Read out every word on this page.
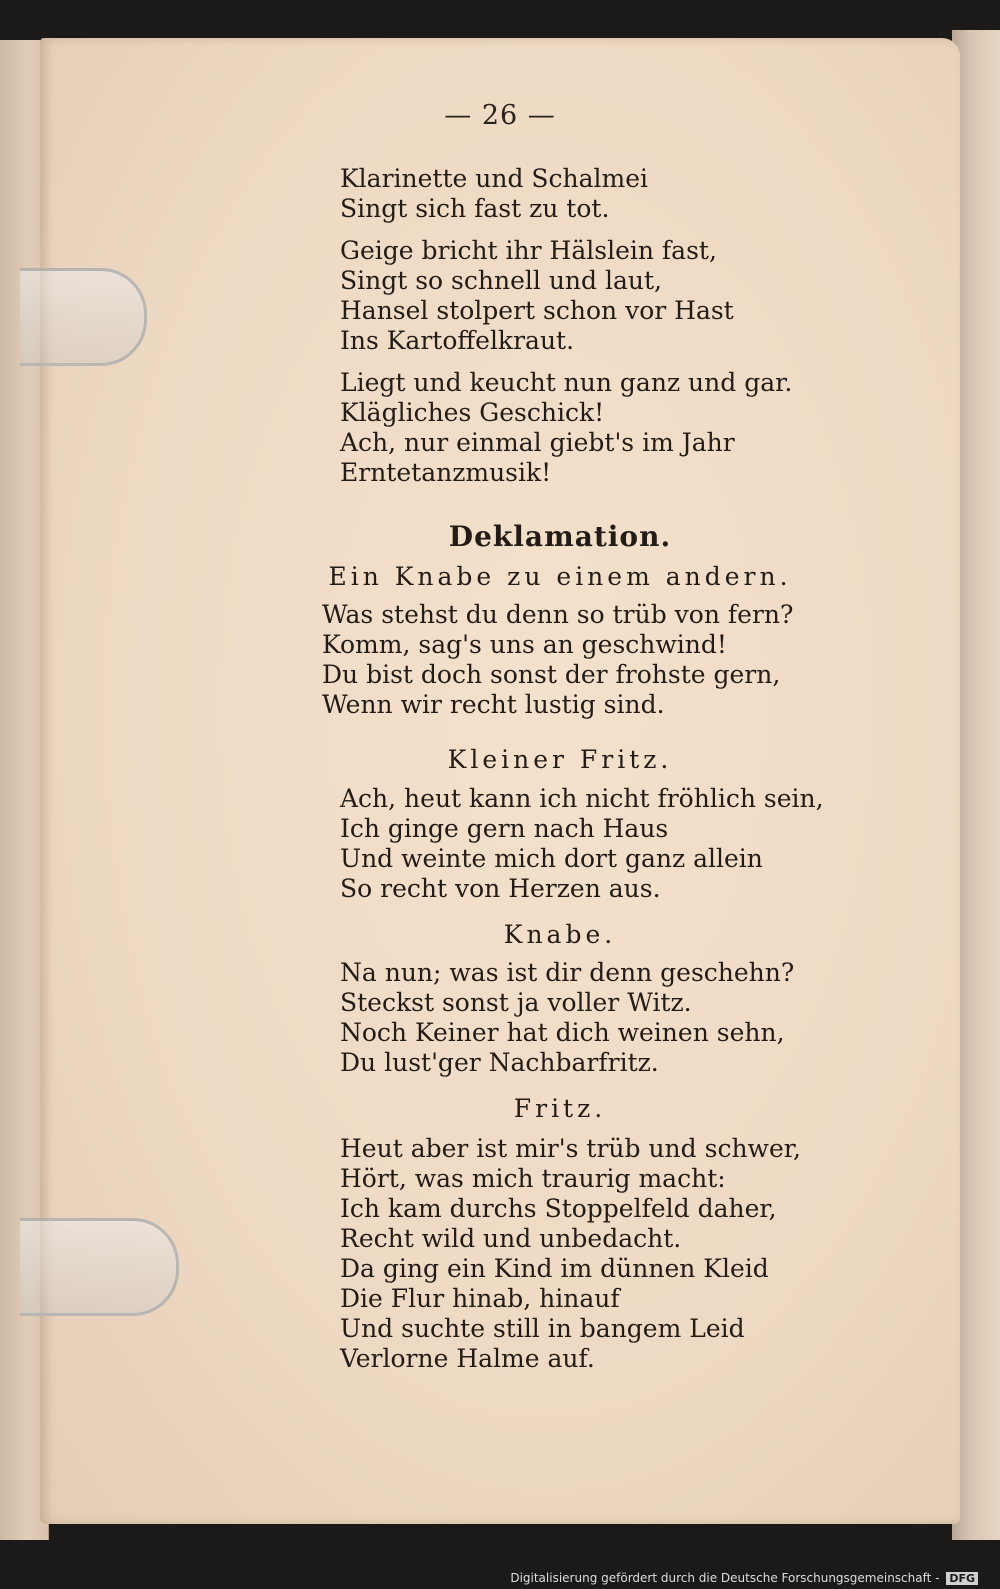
— 26 —
Klarinette und Schalmei
Singt sich fast zu tot.
Geige bricht ihr Hälslein fast,
Singt so schnell und laut,
Hansel stolpert schon vor Hast
Ins Kartoffelkraut.
Liegt und keucht nun ganz und gar.
Klägliches Geschick!
Ach, nur einmal giebt's im Jahr
Erntetanzmusik!
Deklamation.
Ein Knabe zu einem andern.
Was stehst du denn so trüb von fern?
Komm, sag's uns an geschwind!
Du bist doch sonst der frohste gern,
Wenn wir recht lustig sind.
Kleiner Fritz.
Ach, heut kann ich nicht fröhlich sein,
Ich ginge gern nach Haus
Und weinte mich dort ganz allein
So recht von Herzen aus.
Knabe.
Na nun; was ist dir denn geschehn?
Steckst sonst ja voller Witz.
Noch Keiner hat dich weinen sehn,
Du lust'ger Nachbarfritz.
Fritz.
Heut aber ist mir's trüb und schwer,
Hört, was mich traurig macht:
Ich kam durchs Stoppelfeld daher,
Recht wild und unbedacht.
Da ging ein Kind im dünnen Kleid
Die Flur hinab, hinauf
Und suchte still in bangem Leid
Verlorne Halme auf.
Digitalisierung gefördert durch die Deutsche Forschungsgemeinschaft - DFG
